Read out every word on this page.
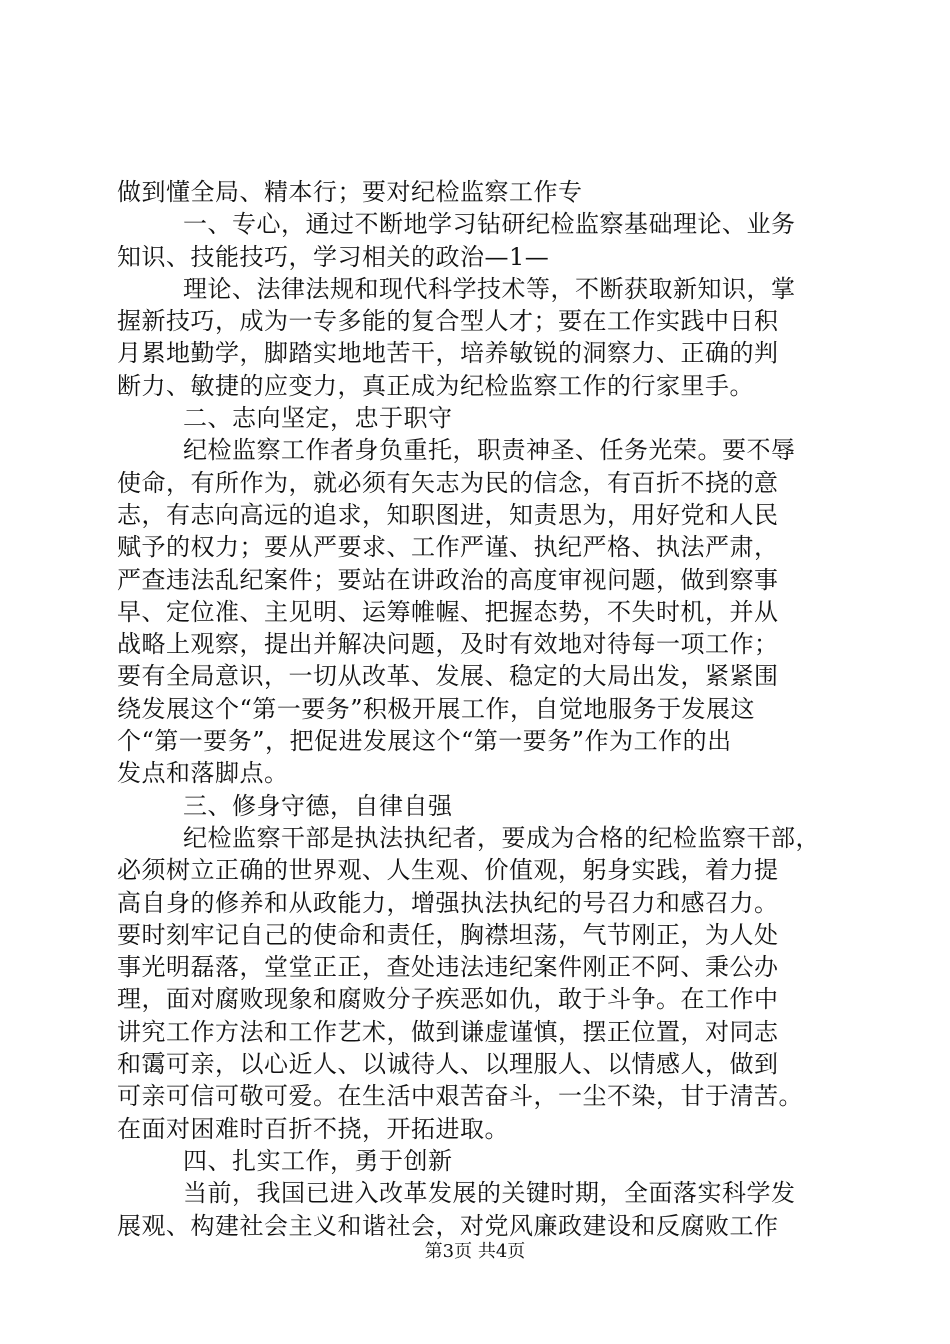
做到懂全局、精本行；要对纪检监察工作专
一、专心，通过不断地学习钻研纪检监察基础理论、业务
知识、技能技巧，学习相关的政治—1—
理论、法律法规和现代科学技术等，不断获取新知识，掌
握新技巧，成为一专多能的复合型人才；要在工作实践中日积
月累地勤学，脚踏实地地苦干，培养敏锐的洞察力、正确的判
断力、敏捷的应变力，真正成为纪检监察工作的行家里手。
二、志向坚定，忠于职守
纪检监察工作者身负重托，职责神圣、任务光荣。要不辱
使命，有所作为，就必须有矢志为民的信念，有百折不挠的意
志，有志向高远的追求，知职图进，知责思为，用好党和人民
赋予的权力；要从严要求、工作严谨、执纪严格、执法严肃，
严查违法乱纪案件；要站在讲政治的高度审视问题，做到察事
早、定位准、主见明、运筹帷幄、把握态势，不失时机，并从
战略上观察，提出并解决问题，及时有效地对待每一项工作；
要有全局意识，一切从改革、发展、稳定的大局出发，紧紧围
绕发展这个“第一要务”积极开展工作，自觉地服务于发展这
个“第一要务”，把促进发展这个“第一要务”作为工作的出
发点和落脚点。
三、修身守德，自律自强
纪检监察干部是执法执纪者，要成为合格的纪检监察干部，
必须树立正确的世界观、人生观、价值观，躬身实践，着力提
高自身的修养和从政能力，增强执法执纪的号召力和感召力。
要时刻牢记自己的使命和责任，胸襟坦荡，气节刚正，为人处
事光明磊落，堂堂正正，查处违法违纪案件刚正不阿、秉公办
理，面对腐败现象和腐败分子疾恶如仇，敢于斗争。在工作中
讲究工作方法和工作艺术，做到谦虚谨慎，摆正位置，对同志
和霭可亲，以心近人、以诚待人、以理服人、以情感人，做到
可亲可信可敬可爱。在生活中艰苦奋斗，一尘不染，甘于清苦。
在面对困难时百折不挠，开拓进取。
四、扎实工作，勇于创新
当前，我国已进入改革发展的关键时期，全面落实科学发
展观、构建社会主义和谐社会，对党风廉政建设和反腐败工作
第3页 共4页
